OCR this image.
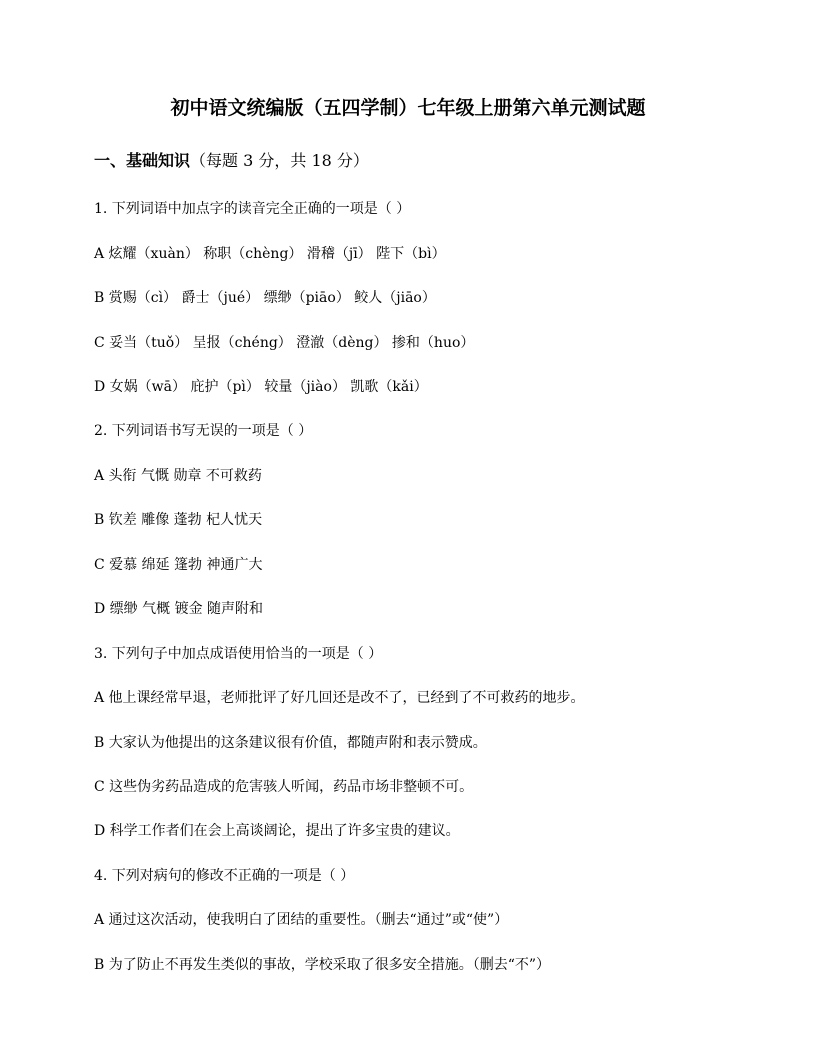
初中语文统编版（五四学制）七年级上册第六单元测试题
一、基础知识（每题 3 分，共 18 分）
1. 下列词语中加点字的读音完全正确的一项是（ ）
A 炫耀（xuàn） 称职（chèng） 滑稽（jī） 陛下（bì）
B 赏赐（cì） 爵士（jué） 缥缈（piāo） 鲛人（jiāo）
C 妥当（tuǒ） 呈报（chéng） 澄澈（dèng） 掺和（huo）
D 女娲（wā） 庇护（pì） 较量（jiào） 凯歌（kǎi）
2. 下列词语书写无误的一项是（ ）
A 头衔 气慨 勋章 不可救药
B 钦差 雕像 蓬勃 杞人忧天
C 爱慕 绵延 篷勃 神通广大
D 缥缈 气概 镀金 随声附和
3. 下列句子中加点成语使用恰当的一项是（ ）
A 他上课经常早退，老师批评了好几回还是改不了，已经到了不可救药的地步。
B 大家认为他提出的这条建议很有价值，都随声附和表示赞成。
C 这些伪劣药品造成的危害骇人听闻，药品市场非整顿不可。
D 科学工作者们在会上高谈阔论，提出了许多宝贵的建议。
4. 下列对病句的修改不正确的一项是（ ）
A 通过这次活动，使我明白了团结的重要性。（删去“通过”或“使”）
B 为了防止不再发生类似的事故，学校采取了很多安全措施。（删去“不”）
